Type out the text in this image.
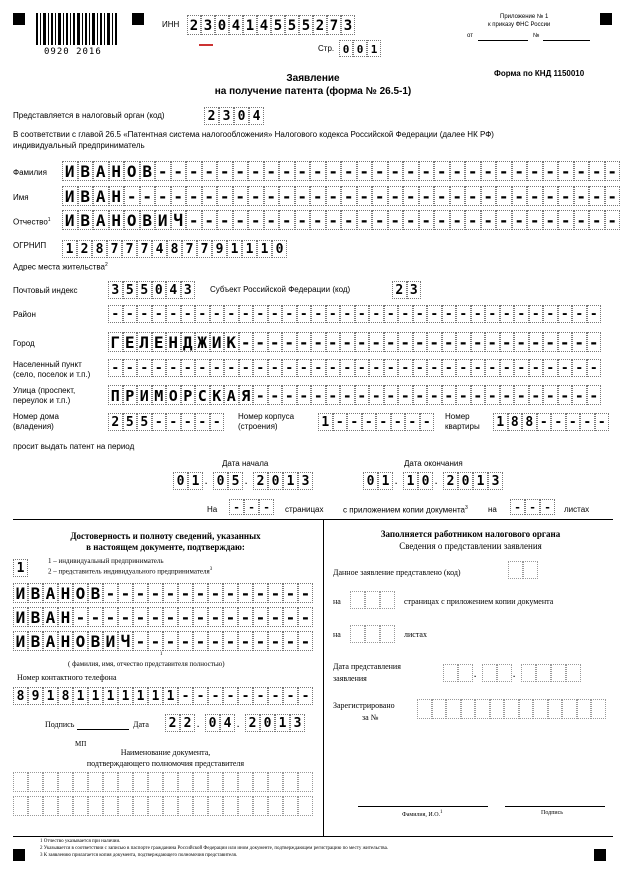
0920 2016
ИНН 2 3 0 4 1 4 5 5 5 2 7 3
Стр. 0 0 1
Приложение № 1
к приказу ФНС России
от	№
Форма по КНД 1150010
Заявление
на получение патента (форма № 26.5-1)
Представляется в налоговый орган (код)	2 3 0 4
В соответствии с главой 26.5 «Патентная система налогообложения» Налогового кодекса Российской Федерации (далее НК РФ)
индивидуальный предприниматель
Фамилия И В А Н О В - - - - - - - - - - - - - - - - - - - - - - - - - - - - - -
Имя И В А Н - - - - - - - - - - - - - - - - - - - - - - - - - - - - - - - -
Отчество$^1$ И В А Н О В И Ч - - - - - - - - - - - - - - - - - - - - - - - - - - - -
ОГРНИП 1 2 8 7 7 7 4 8 7 7 9 1 1 1 0
Адрес места жительства$^2$
Почтовый индекс	3 5 5 0 4 3	Субъект Российской Федерации (код)	2 3
Район	- - - - - - - - - - - - - - - - - - - - - - - - - - - - - - - - - -
Город	Г Е Л Е Н Д Ж И К - - - - - - - - - - - - - - - - - - - - - - - - -
Населенный пункт
(село, поселок и т.п.) - - - - - - - - - - - - - - - - - - - - - - - - - - - - - - - - - -
Улица (проспект,
переулок и т.п.)	П Р И М О Р С К А Я - - - - - - - - - - - - - - - - - - - - - - - -
Номер дома
(владения)	2 5 5 - - - - -	Номер корпуса
(строения)	1 - - - - - - -	Номер
квартиры 1 8 8 - - - - -
просит выдать патент на период
Дата начала
0 1 . 0 5 . 2 0 1 3
Дата окончания
0 1 . 1 0 . 2 0 1 3
На	- - -	страницах с приложением копии документа$^3$	на	- - -	листах
Достоверность и полноту сведений, указанных
в настоящем документе, подтверждаю:
1	1 – индивидуальный предприниматель
2 – представитель индивидуального предпринимателя$^3$
И В А Н О В - - - - - - - - - - - - - -
И В А Н - - - - - - - - - - - - - - - -
И В А Н О В И Ч - - - - - - - - - - - -
( фамилия, имя, отчество представителя полностью)
1
Номер контактного телефона
8 9 1 8 1 1 1 1 1 1 1 - - - - - - - - -
Подпись	Дата 2 2 . 0 4 . 2 0 1 3
МП
Наименование документа,
подтверждающего полномочия представителя
Заполняется работником налогового органа
Сведения о представлении заявления
Данное заявление представлено (код)
на	страницах с приложением копии документа
на	листах
Дата представления
заявления	.	.
Зарегистрировано
за №
Фамилия, И.О.$^1$	Подпись
1 Отчество указывается при наличии.
2 Указывается в соответствии с записью в паспорте гражданина Российской Федерации или ином документе, подтверждающем регистрацию по месту жительства.
3 К заявлению прилагается копия документа, подтверждающего полномочия представителя.
